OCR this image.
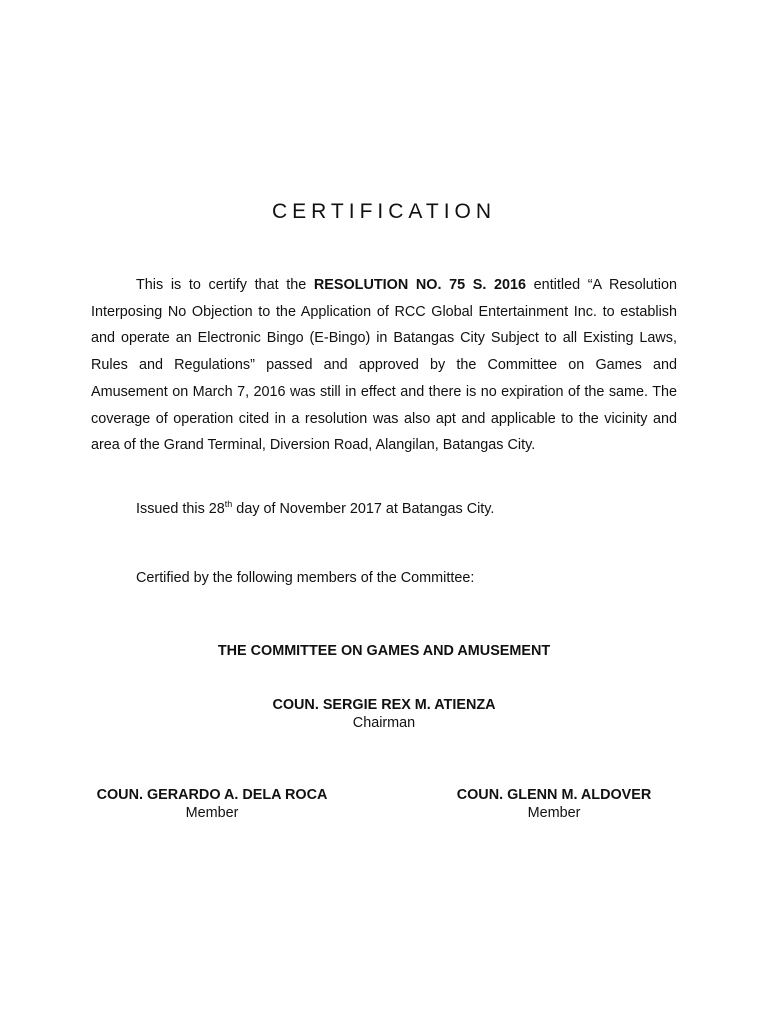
CERTIFICATION

This is to certify that the RESOLUTION NO. 75 S. 2016 entitled “A Resolution Interposing No Objection to the Application of RCC Global Entertainment Inc. to establish and operate an Electronic Bingo (E-Bingo) in Batangas City Subject to all Existing Laws, Rules and Regulations” passed and approved by the Committee on Games and Amusement on March 7, 2016 was still in effect and there is no expiration of the same. The coverage of operation cited in a resolution was also apt and applicable to the vicinity and area of the Grand Terminal, Diversion Road, Alangilan, Batangas City.

Issued this 28th day of November 2017 at Batangas City.
Certified by the following members of the Committee:
THE COMMITTEE ON GAMES AND AMUSEMENT
COUN. SERGIE REX M. ATIENZA
Chairman
COUN. GERARDO A. DELA ROCA
Member
COUN. GLENN M. ALDOVER
Member
